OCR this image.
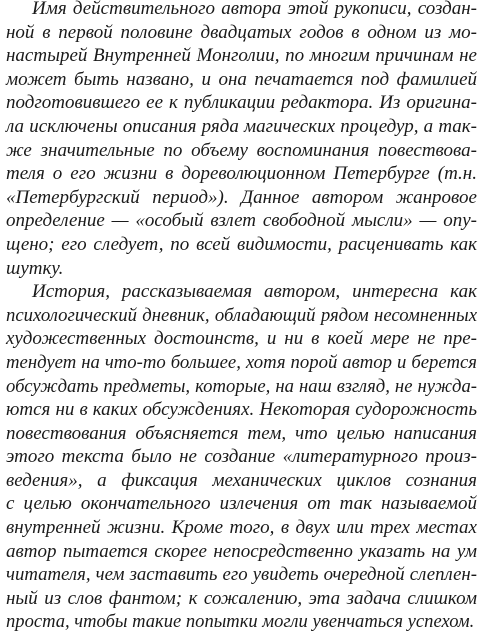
Имя действительного автора этой рукописи, создан-
ной в первой половине двадцатых годов в одном из мо-
настырей Внутренней Монголии, по многим причинам не
может быть названо, и она печатается под фамилией
подготовившего ее к публикации редактора. Из оригина-
ла исключены описания ряда магических процедур, а так-
же значительные по объему воспоминания повествова-
теля о его жизни в дореволюционном Петербурге (т.н.
«Петербургский период»). Данное автором жанровое
определение — «особый взлет свободной мысли» — опу-
щено; его следует, по всей видимости, расценивать как
шутку.
История, рассказываемая автором, интересна как
психологический дневник, обладающий рядом несомненных
художественных достоинств, и ни в коей мере не пре-
тендует на что-то большее, хотя порой автор и берется
обсуждать предметы, которые, на наш взгляд, не нужда-
ются ни в каких обсуждениях. Некоторая судорожность
повествования объясняется тем, что целью написания
этого текста было не создание «литературного произ-
ведения», а фиксация механических циклов сознания
с целью окончательного излечения от так называемой
внутренней жизни. Кроме того, в двух или трех местах
автор пытается скорее непосредственно указать на ум
читателя, чем заставить его увидеть очередной слеплен-
ный из слов фантом; к сожалению, эта задача слишком
проста, чтобы такие попытки могли увенчаться успехом.
